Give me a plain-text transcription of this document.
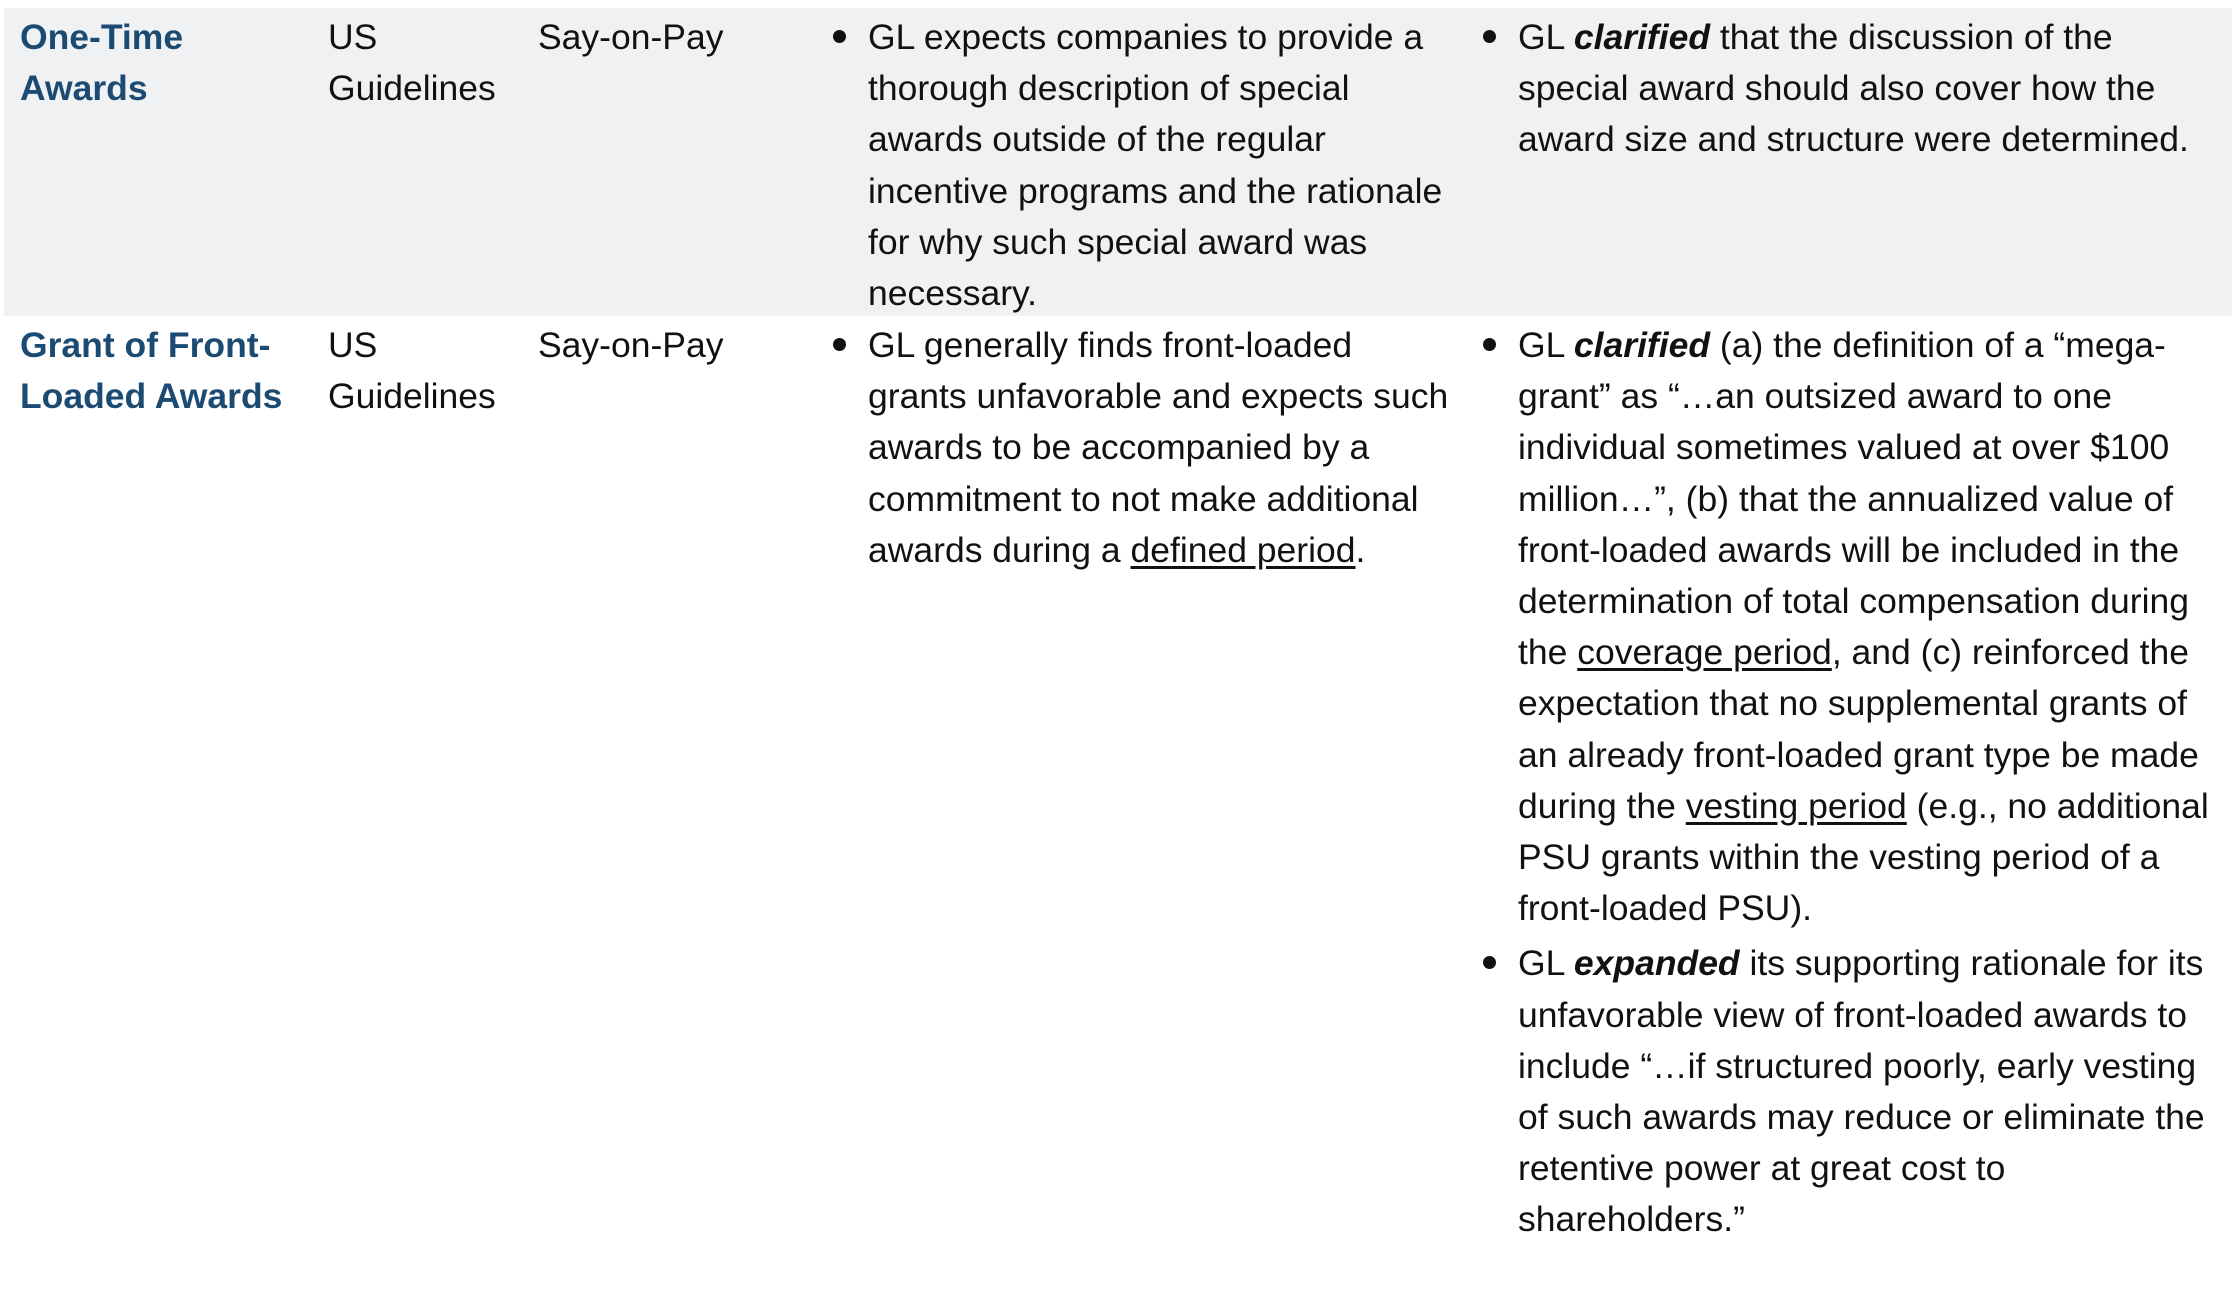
One-Time Awards
US Guidelines
Say-on-Pay	GL expects companies to provide a thorough description of special awards outside of the regular incentive programs and the rationale for why such special award was necessary.
GL clarified that the discussion of the special award should also cover how the award size and structure were determined.
Grant of Front-Loaded Awards
US Guidelines
Say-on-Pay	GL generally finds front-loaded grants unfavorable and expects such awards to be accompanied by a commitment to not make additional awards during a defined period.
GL clarified (a) the definition of a “mega-grant” as “…an outsized award to one individual sometimes valued at over $100 million…”, (b) that the annualized value of front-loaded awards will be included in the determination of total compensation during the coverage period, and (c) reinforced the expectation that no supplemental grants of an already front-loaded grant type be made during the vesting period (e.g., no additional PSU grants within the vesting period of a front-loaded PSU).
GL expanded its supporting rationale for its unfavorable view of front-loaded awards to include “…if structured poorly, early vesting of such awards may reduce or eliminate the retentive power at great cost to shareholders.”
